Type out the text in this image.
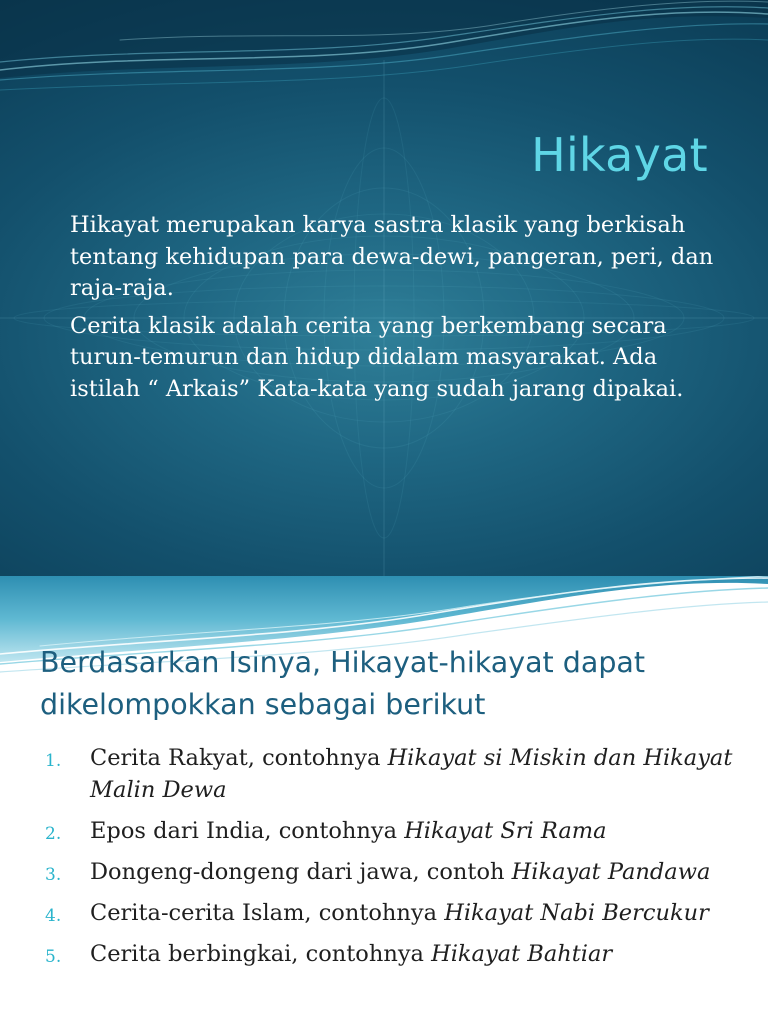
Hikayat

Hikayat merupakan karya sastra klasik yang berkisah tentang kehidupan para dewa-dewi, pangeran, peri, dan raja-raja.

Cerita klasik adalah cerita yang berkembang secara turun-temurun dan hidup didalam masyarakat. Ada istilah “ Arkais” Kata-kata yang sudah jarang dipakai.

Berdasarkan Isinya, Hikayat-hikayat dapat dikelompokkan sebagai berikut
1. Cerita Rakyat, contohnya Hikayat si Miskin dan Hikayat Malin Dewa
2. Epos dari India, contohnya Hikayat Sri Rama
3. Dongeng-dongeng dari jawa, contoh Hikayat Pandawa
4. Cerita-cerita Islam, contohnya Hikayat Nabi Bercukur
5. Cerita berbingkai, contohnya Hikayat Bahtiar
